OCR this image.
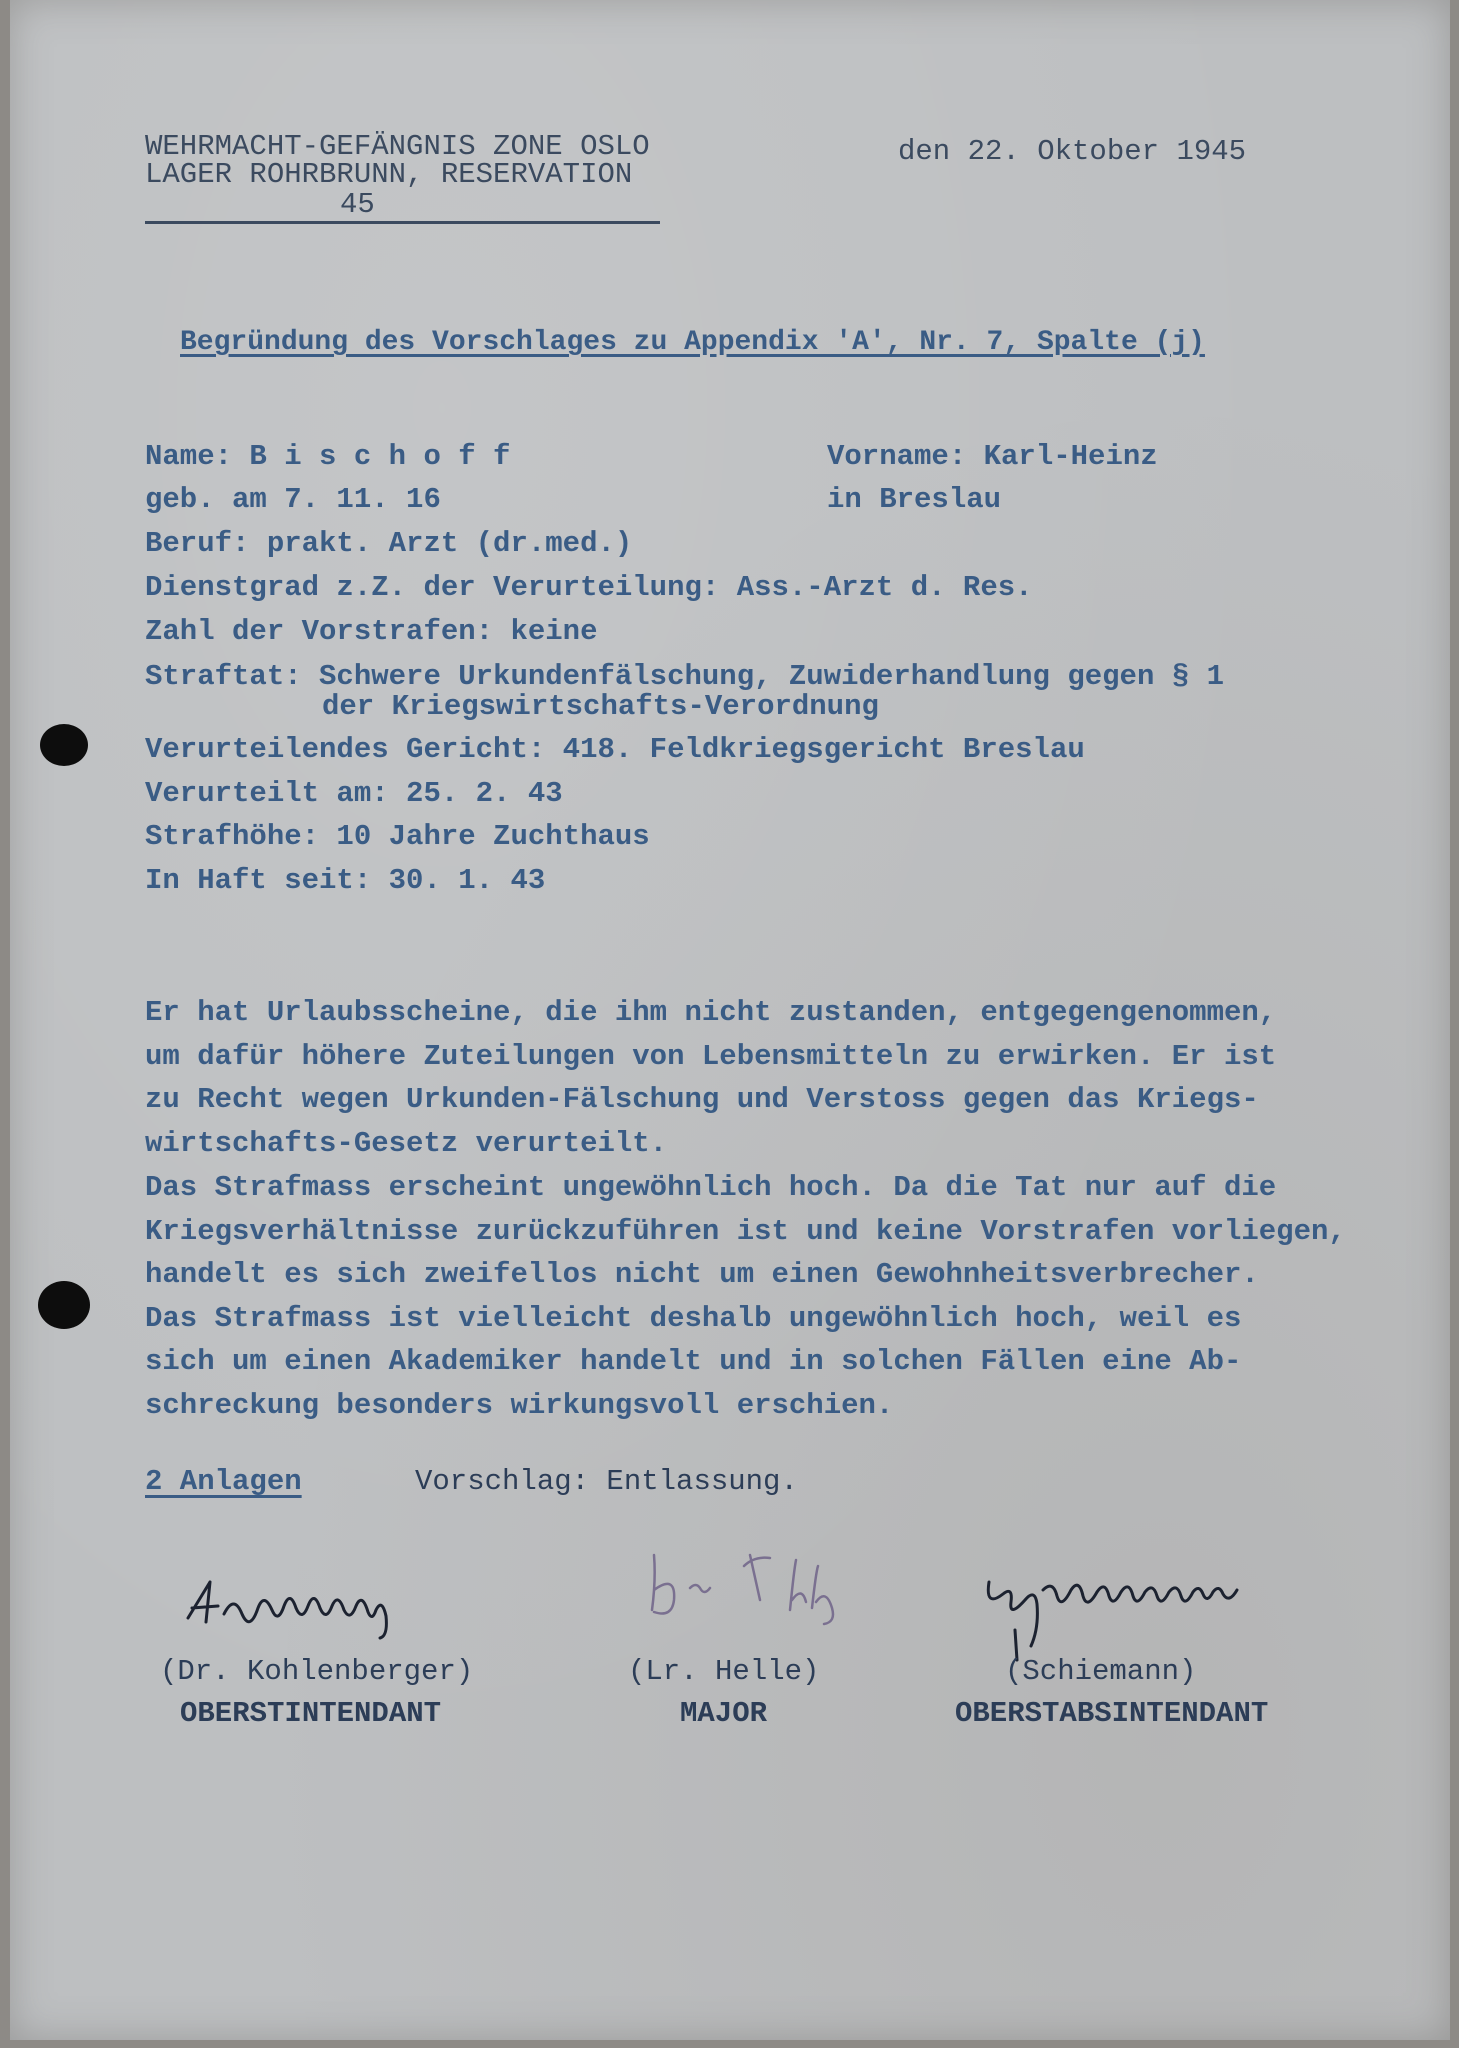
WEHRMACHT-GEFÄNGNIS ZONE OSLO

LAGER ROHRBRUNN, RESERVATION

45

den 22. Oktober 1945

Begründung des Vorschlages zu Appendix 'A', Nr. 7, Spalte (j)

Name: B i s c h o f f	Vorname: Karl-Heinz

geb. am 7. 11. 16	in Breslau

Beruf: prakt. Arzt (dr.med.)

Dienstgrad z.Z. der Verurteilung: Ass.-Arzt d. Res.

Zahl der Vorstrafen: keine

Straftat: Schwere Urkundenfälschung, Zuwiderhandlung gegen § 1

der Kriegswirtschafts-Verordnung

Verurteilendes Gericht: 418. Feldkriegsgericht Breslau

Verurteilt am: 25. 2. 43

Strafhöhe: 10 Jahre Zuchthaus

In Haft seit: 30. 1. 43

Er hat Urlaubsscheine, die ihm nicht zustanden, entgegengenommen,

um dafür höhere Zuteilungen von Lebensmitteln zu erwirken. Er ist

zu Recht wegen Urkunden-Fälschung und Verstoss gegen das Kriegs-

wirtschafts-Gesetz verurteilt.

Das Strafmass erscheint ungewöhnlich hoch. Da die Tat nur auf die

Kriegsverhältnisse zurückzuführen ist und keine Vorstrafen vorliegen,

handelt es sich zweifellos nicht um einen Gewohnheitsverbrecher.

Das Strafmass ist vielleicht deshalb ungewöhnlich hoch, weil es

sich um einen Akademiker handelt und in solchen Fällen eine Ab-

schreckung besonders wirkungsvoll erschien.

2 Anlagen	Vorschlag: Entlassung.

(Dr. Kohlenberger)

OBERSTINTENDANT

(Lr. Helle)

MAJOR

(Schiemann)

OBERSTABSINTENDANT
